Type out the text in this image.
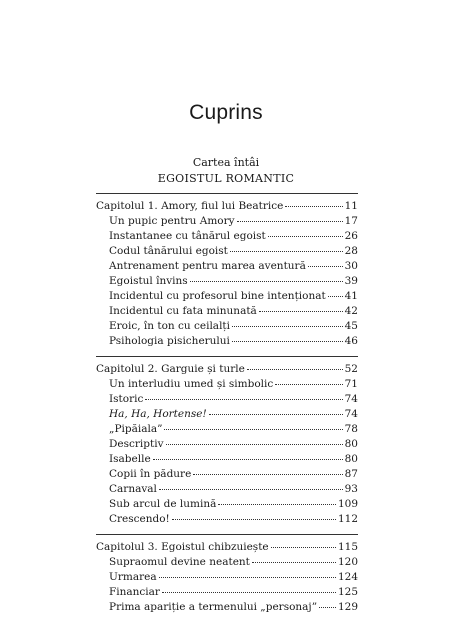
Cuprins
Cartea întâi
EGOISTUL ROMANTIC
Capitolul 1. Amory, fiul lui Beatrice	11
Un pupic pentru Amory	17
Instantanee cu tânărul egoist	26
Codul tânărului egoist	28
Antrenament pentru marea aventură	30
Egoistul învins	39
Incidentul cu profesorul bine intenționat 41
Incidentul cu fata minunată	42
Eroic, în ton cu ceilalți	45
Psihologia pisicherului	46
Capitolul 2. Garguie și turle	52
Un interludiu umed și simbolic	71
Istoric	74
Ha, Ha, Hortense!	74
„Pipăiala”	78
Descriptiv	80
Isabelle	80
Copii în pădure	87
Carnaval	93
Sub arcul de lumină	109
Crescendo!	112
Capitolul 3. Egoistul chibzuiește	115
Supraomul devine neatent	120
Urmarea	124
Financiar	125
Prima apariție a termenului „personaj” 129
